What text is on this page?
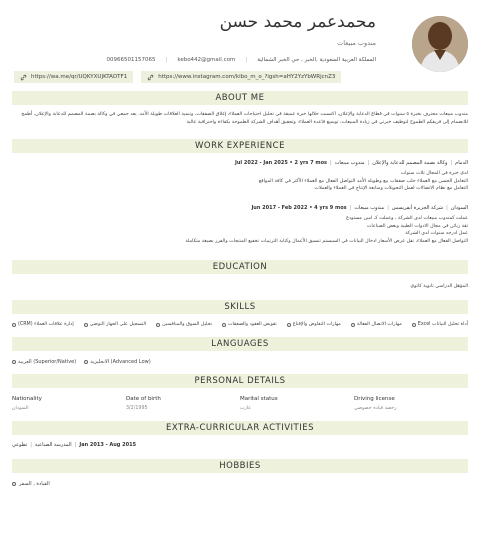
محمدعمر محمد حسن
مندوب مبيعات
المملكة العربية السعودية ,الخبر , حي الخبر الشمالية
|
kebo442@gmail.com
|
00966501157065
https://wa.me/qr/UQKYXUJKTADTF1	https://www.instagram.com/kibo_m_o_?igsh=aHY2YzYbWRjcnZ3
ABOUT ME
مندوب مبيعات محترف بخبرة ٥ سنوات في قطاع الدعاية والإعلان، اكتسبت خلالها خبرة عميقة في تحليل احتياجات العملاء، إغلاق الصفقات، وتنمية العلاقات طويلة الأمد. يعد جمعي في وكالة بصمة المصمم للدعاية والإعلان، أطمح للانضمام إلى فريقكم الطموح لتوظيف خبرتي في زيادة المبيعات، توسيع قاعدة العملاء، وتحقيق أهداف الشركة الطموحة بكفاءة واحترافية عالية
WORK EXPERIENCE
الدمام|وكالة بصمة المصمم للدعاية والإعلان|مندوب مبيعات|Jul 2022 - Jan 2025 • 2 yrs 7 mos
لدي خبرة في المجال ثلاث سنوات
التعامل الحسن مع العملاء جلب صفقات بيع وطويلة الأمد التواصل الفعال مع العملاء الأكثر في كافة المواقع
التعامل مع نظام الاتصالات لعمل التحويلات ومتابعة الإنتاج في العملاء والعملات
السودان|شركة الجزيرة أيفريسس|مندوب مبيعات|Jun 2017 - Feb 2022 • 4 yrs 9 mos
عملت كمندوب مبيعات لدى الشركة ، وعملت كـ امين مستودع
ثقة زبائن في مجال الادوات الطبية وبعض الصناعات
عمل ادرجه سنوات لدى الشركة
التواصل الفعال مع العملاء، نقل عرض الأسعار ادخال البيانات في السيستم تنسيق الأعمال وكتابة الترتيبات تخفيع المنتجات والفرز بصيغة متكاملة
EDUCATION
المؤهل الدراسي ثانوية كاتوي
SKILLS
(CRM) إدارة علاقات العملاء	التسجيل على الجهاز التوصي	تحليل السوق والمنافسين	تقويض العقود والصفقات	مهارات التفاوض والإقناع	مهارات الاتصال الفعالة	Excel أداة تحليل البيانات
LANGUAGES
العربية (Superior/Native)	الانجليزية (Advanced Low)
PERSONAL DETAILS
Nationality
السودان
Date of birth
3/2/1995
Marital status
عازب
Driving license
رخصة قيادة خصوصي
EXTRA-CURRICULAR ACTIVITIES
المدرسة الصناعية|تطوعي	| Jan 2013 - Aug 2015
HOBBIES
القيادة , السفر
